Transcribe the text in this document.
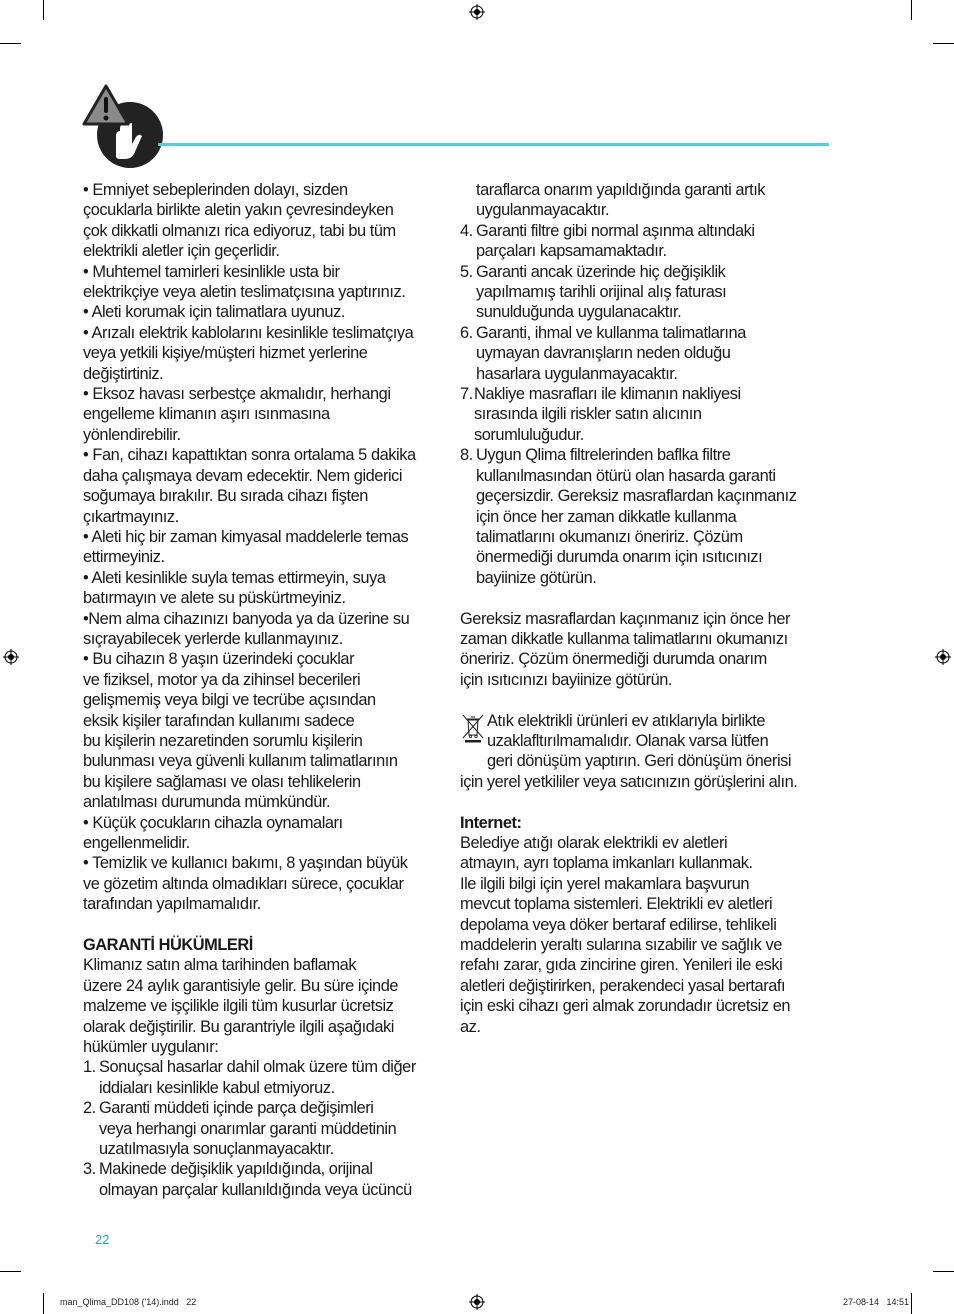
• Emniyet sebeplerinden dolayı, sizden

çocuklarla birlikte aletin yakın çevresindeyken

çok dikkatli olmanızı rica ediyoruz, tabi bu tüm

elektrikli aletler için geçerlidir.

• Muhtemel tamirleri kesinlikle usta bir

elektrikçiye veya aletin teslimatçısına yaptırınız.

• Aleti korumak için talimatlara uyunuz.

• Arızalı elektrik kablolarını kesinlikle teslimatçıya

veya yetkili kişiye/müşteri hizmet yerlerine

değiştirtiniz.

• Eksoz havası serbestçe akmalıdır, herhangi

engelleme klimanın aşırı ısınmasına

yönlendirebilir.

• Fan, cihazı kapattıktan sonra ortalama 5 dakika

daha çalışmaya devam edecektir. Nem giderici

soğumaya bırakılır. Bu sırada cihazı fişten

çıkartmayınız.

• Aleti hiç bir zaman kimyasal maddelerle temas

ettirmeyiniz.

• Aleti kesinlikle suyla temas ettirmeyin, suya

batırmayın ve alete su püskürtmeyiniz.

•Nem alma cihazınızı banyoda ya da üzerine su

sıçrayabilecek yerlerde kullanmayınız.

• Bu cihazın 8 yaşın üzerindeki çocuklar

ve fiziksel, motor ya da zihinsel becerileri

gelişmemiş veya bilgi ve tecrübe açısından

eksik kişiler tarafından kullanımı sadece

bu kişilerin nezaretinden sorumlu kişilerin

bulunması veya güvenli kullanım talimatlarının

bu kişilere sağlaması ve olası tehlikelerin

anlatılması durumunda mümkündür.

• Küçük çocukların cihazla oynamaları

engellenmelidir.

• Temizlik ve kullanıcı bakımı, 8 yaşından büyük

ve gözetim altında olmadıkları sürece, çocuklar

tarafından yapılmamalıdır.

GARANTİ HÜKÜMLERİ

Klimanız satın alma tarihinden baflamak

üzere 24 aylık garantisiyle gelir. Bu süre içinde

malzeme ve işçilikle ilgili tüm kusurlar ücretsiz

olarak değiştirilir. Bu garantriyle ilgili aşağıdaki

hükümler uygulanır:

1. Sonuçsal hasarlar dahil olmak üzere tüm diğer

iddiaları kesinlikle kabul etmiyoruz.

2. Garanti müddeti içinde parça değişimleri

veya herhangi onarımlar garanti müddetinin

uzatılmasıyla sonuçlanmayacaktır.

3. Makinede değişiklik yapıldığında, orijinal

olmayan parçalar kullanıldığında veya ücüncü

taraflarca onarım yapıldığında garanti artık

uygulanmayacaktır.

4. Garanti filtre gibi normal aşınma altındaki

parçaları kapsamamaktadır.

5. Garanti ancak üzerinde hiç değişiklik

yapılmamış tarihli orijinal alış faturası

sunulduğunda uygulanacaktır.

6. Garanti, ihmal ve kullanma talimatlarına

uymayan davranışların neden olduğu

hasarlara uygulanmayacaktır.

7. Nakliye masrafları ile klimanın nakliyesi

sırasında ilgili riskler satın alıcının

sorumluluğudur.

8. Uygun Qlima filtrelerinden baflka filtre

kullanılmasından ötürü olan hasarda garanti

geçersizdir. Gereksiz masraflardan kaçınmanız

için önce her zaman dikkatle kullanma

talimatlarını okumanızı öneririz. Çözüm

önermediği durumda onarım için ısıtıcınızı

bayiinize götürün.

Gereksiz masraflardan kaçınmanız için önce her

zaman dikkatle kullanma talimatlarını okumanızı

öneririz. Çözüm önermediği durumda onarım

için ısıtıcınızı bayiinize götürün.

Atık elektrikli ürünleri ev atıklarıyla birlikte

uzaklafltırılmamalıdır. Olanak varsa lütfen

geri dönüşüm yaptırın. Geri dönüşüm önerisi

için yerel yetkililer veya satıcınızın görüşlerini alın.

Internet:

Belediye atığı olarak elektrikli ev aletleri

atmayın, ayrı toplama imkanları kullanmak.

Ile ilgili bilgi için yerel makamlara başvurun

mevcut toplama sistemleri. Elektrikli ev aletleri

depolama veya döker bertaraf edilirse, tehlikeli

maddelerin yeraltı sularına sızabilir ve sağlık ve

refahı zarar, gıda zincirine giren. Yenileri ile eski

aletleri değiştirirken, perakendeci yasal bertarafı

için eski cihazı geri almak zorundadır ücretsiz en

az.

22
man_Qlima_DD108 ('14).indd   22	27-08-14   14:51
